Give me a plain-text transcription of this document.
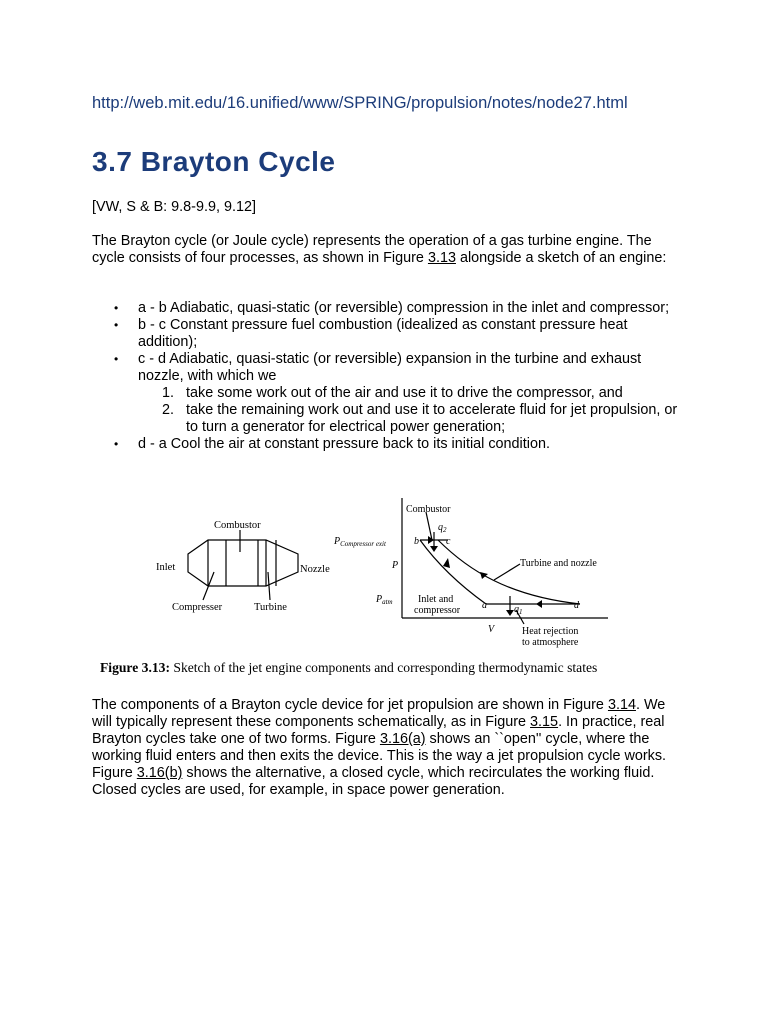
http://web.mit.edu/16.unified/www/SPRING/propulsion/notes/node27.html
3.7 Brayton Cycle

[VW, S & B: 9.8-9.9, 9.12]

The Brayton cycle (or Joule cycle) represents the operation of a gas turbine engine. The cycle consists of four processes, as shown in Figure 3.13 alongside a sketch of an engine:

• a - b Adiabatic, quasi-static (or reversible) compression in the inlet and compressor;
• b - c Constant pressure fuel combustion (idealized as constant pressure heat addition);
• c - d Adiabatic, quasi-static (or reversible) expansion in the turbine and exhaust nozzle, with which we
1. take some work out of the air and use it to drive the compressor, and
2. take the remaining work out and use it to accelerate fluid for jet propulsion, or to turn a generator for electrical power generation;
• d - a Cool the air at constant pressure back to its initial condition.
Combustor
Inlet	Nozzle
Compresser	Turbine
Combustor
$q_2$
$P_{Compressor exit}$	b	c
P
$P_{atm}$	a	d
$q_1$
V
Turbine and nozzle
Inlet and
compressor
Heat rejection
to atmosphere
Figure 3.13: Sketch of the jet engine components and corresponding thermodynamic states

The components of a Brayton cycle device for jet propulsion are shown in Figure 3.14. We will typically represent these components schematically, as in Figure 3.15. In practice, real Brayton cycles take one of two forms. Figure 3.16(a) shows an ``open'' cycle, where the working fluid enters and then exits the device. This is the way a jet propulsion cycle works. Figure 3.16(b) shows the alternative, a closed cycle, which recirculates the working fluid. Closed cycles are used, for example, in space power generation.
